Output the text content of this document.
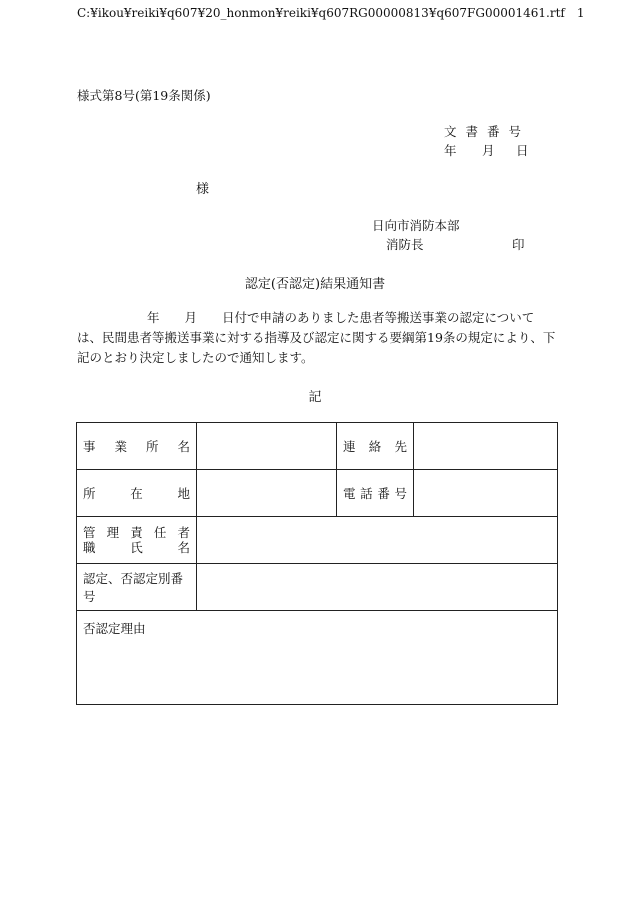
C:¥ikou¥reiki¥q607¥20_honmon¥reiki¥q607RG00000813¥q607FG00001461.rtf　1
様式第8号(第19条関係)
文書番号
年 月 日
様
日向市消防本部
消防長	印
認定(否認定)結果通知書
年　　月　　日付で申請のありました患者等搬送事業の認定については、民間患者等搬送事業に対する指導及び認定に関する要綱第19条の規定により、下記のとおり決定しましたので通知します。
記
事業所名		連絡先	

所在地		電話番号	

管理責任者
職氏名			

認定、否認定別番号			

否認定理由			
